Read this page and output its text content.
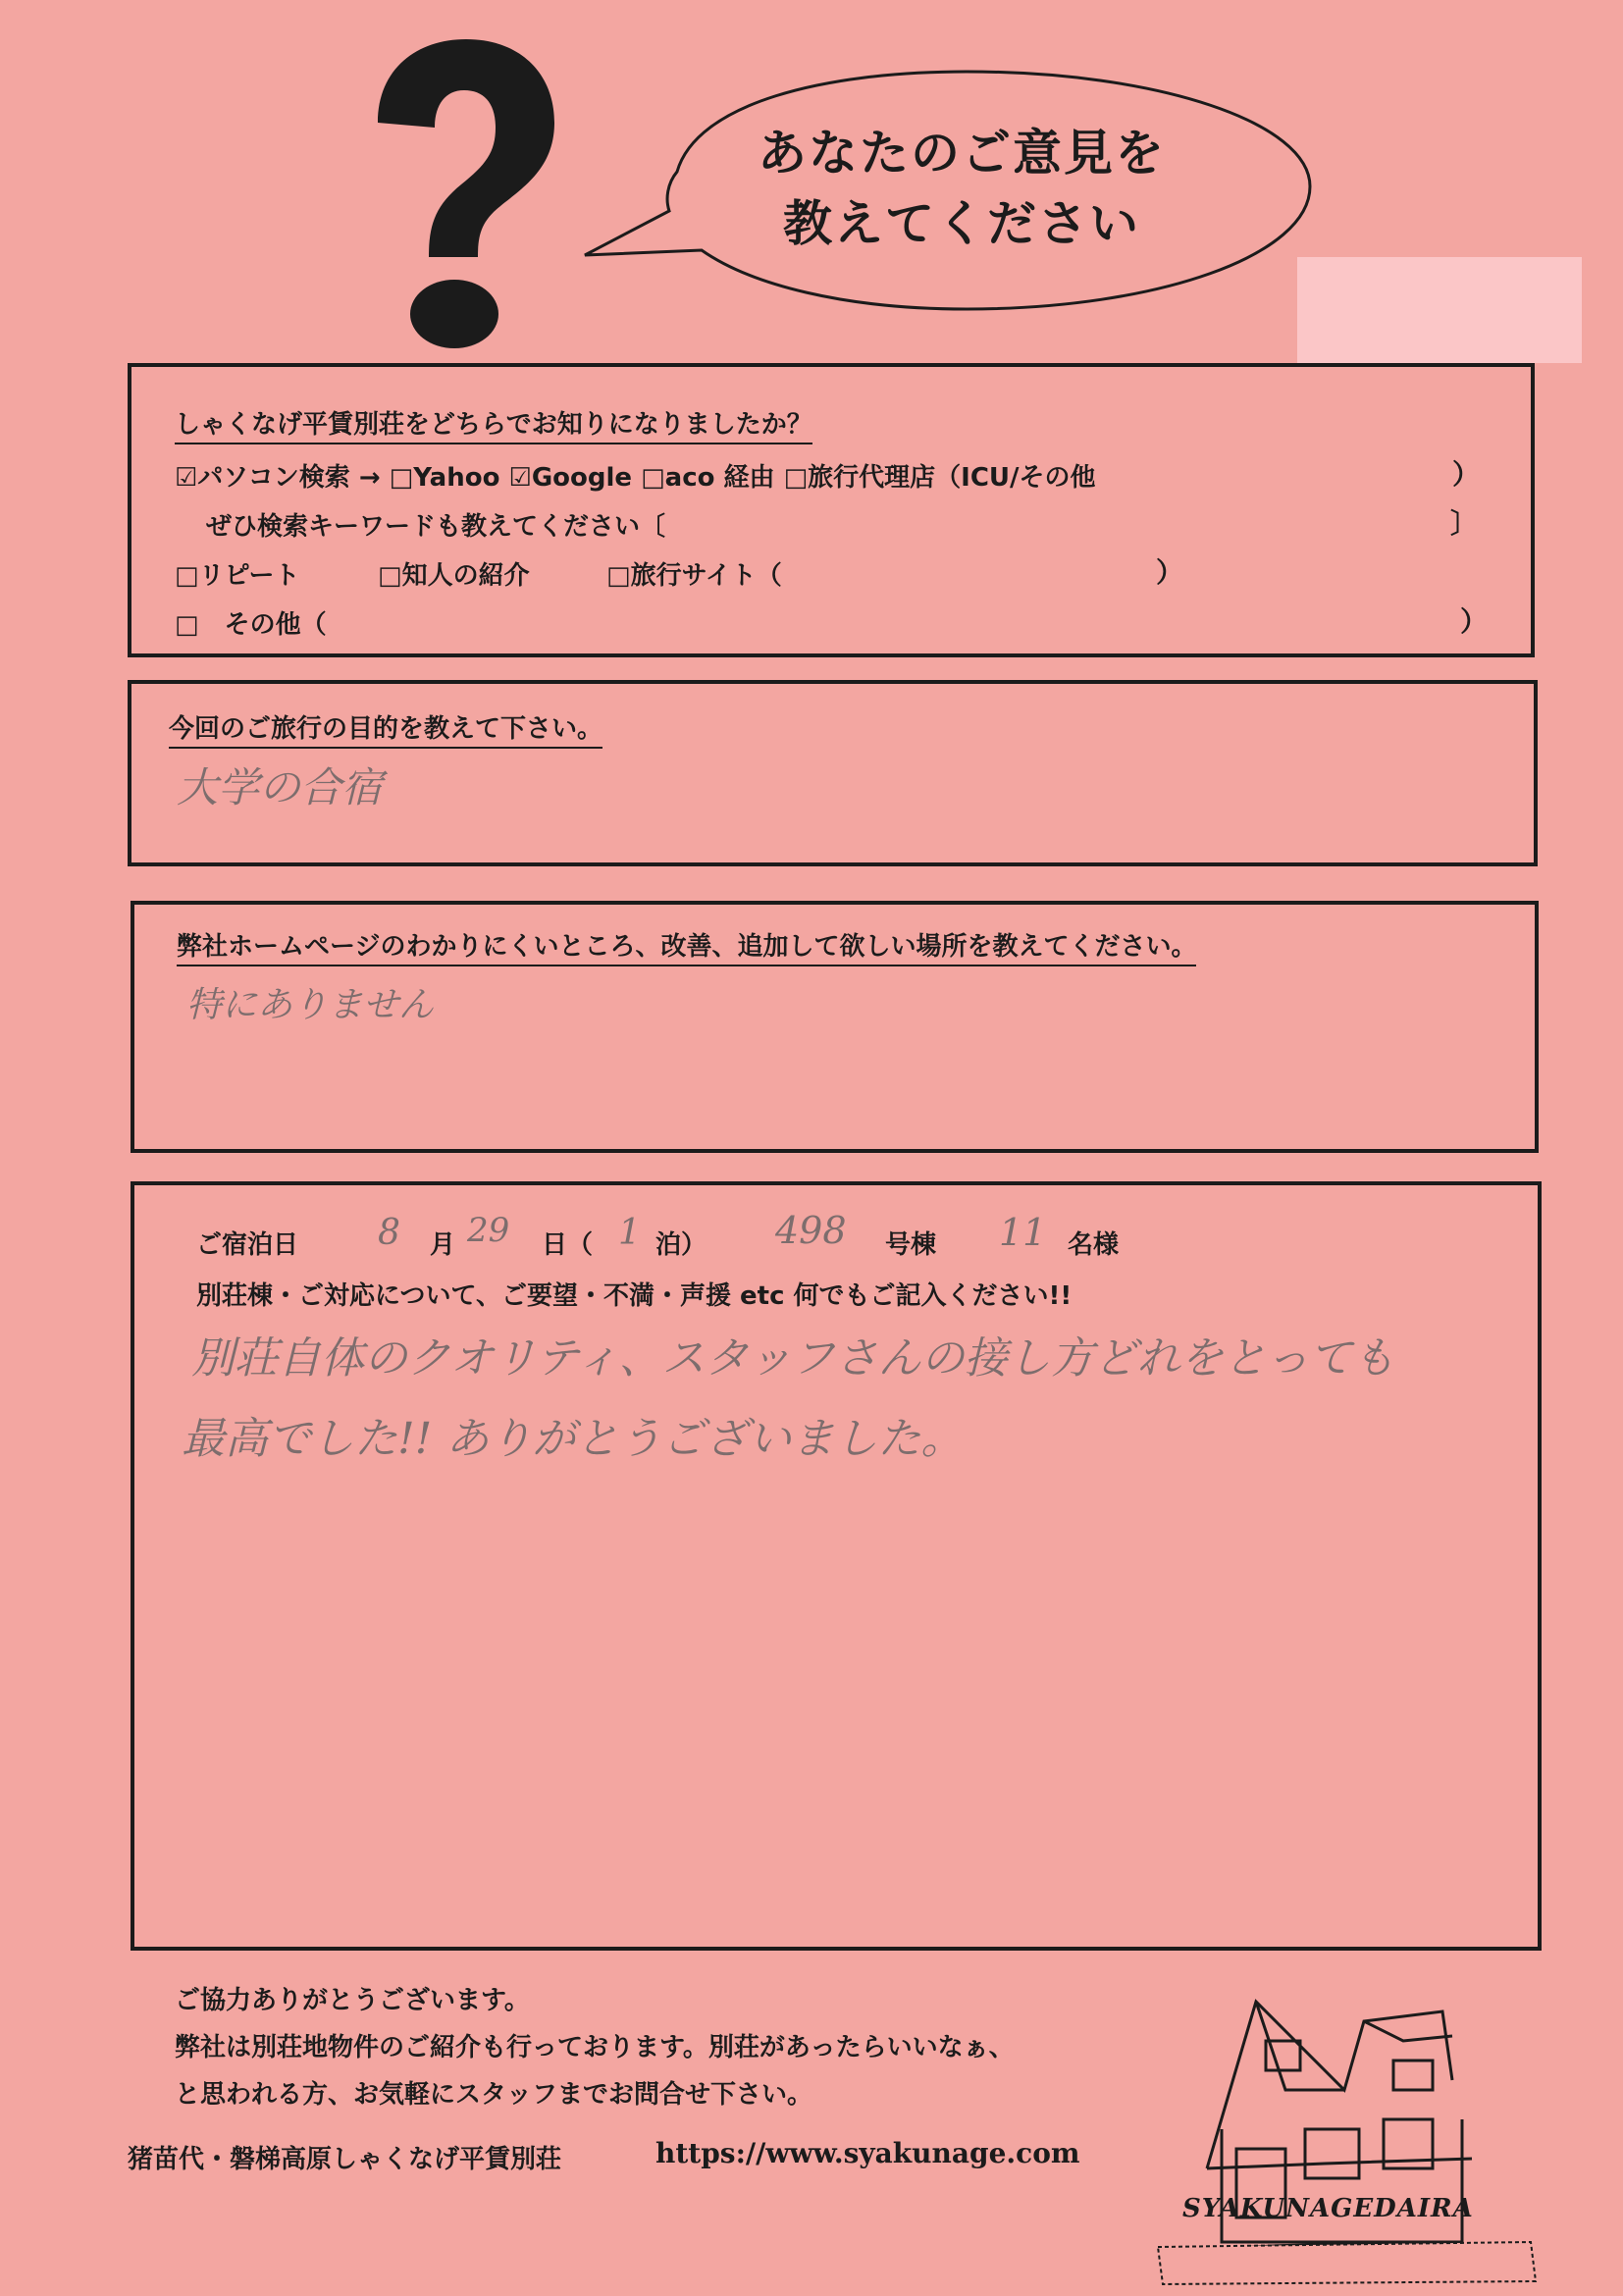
あなたのご意見を
教えてください
しゃくなげ平賃別荘をどちらでお知りになりましたか？
☑パソコン検索 → □Yahoo ☑Google □aco 経由 □旅行代理店（ICU/その他	）
ぜひ検索キーワードも教えてください〔	〕
□リピート	□知人の紹介	□旅行サイト（	）
□　その他（	）
今回のご旅行の目的を教えて下さい。
大学の合宿
弊社ホームページのわかりにくいところ、改善、追加して欲しい場所を教えてください。
特にありません
ご宿泊日 8 月 29 日（ 1 泊） 498 号棟 11 名様
別荘棟・ご対応について、ご要望・不満・声援 etc 何でもご記入ください!!
別荘自体のクオリティ、スタッフさんの接し方どれをとっても
最高でした!! ありがとうございました。
ご協力ありがとうございます。
弊社は別荘地物件のご紹介も行っております。別荘があったらいいなぁ、
と思われる方、お気軽にスタッフまでお問合せ下さい。
猪苗代・磐梯高原しゃくなげ平賃別荘	https://www.syakunage.com
SYAKUNAGEDAIRA
